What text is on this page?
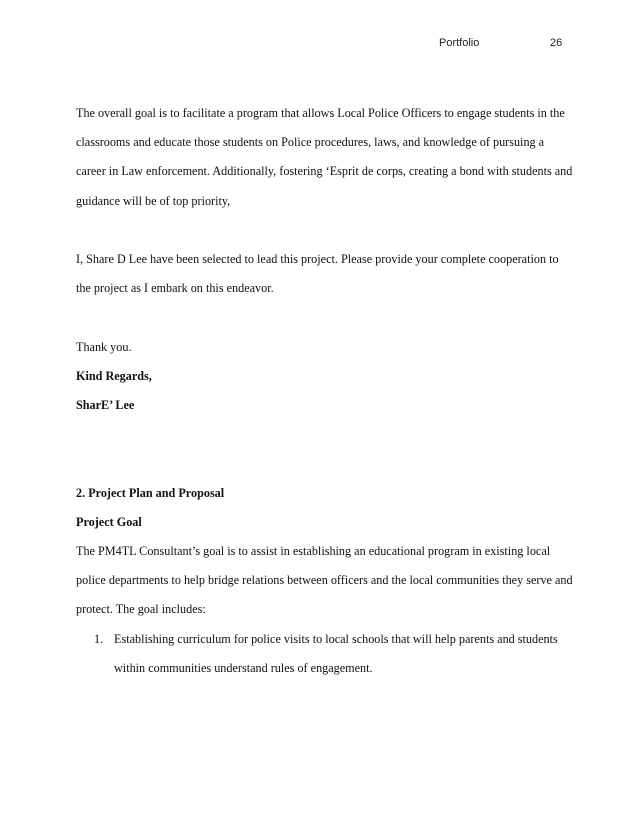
Portfolio	26

The overall goal is to facilitate a program that allows Local Police Officers to engage students in the classrooms and educate those students on Police procedures, laws, and knowledge of pursuing a career in Law enforcement. Additionally, fostering ‘Esprit de corps, creating a bond with students and guidance will be of top priority,

I, Share D Lee have been selected to lead this project. Please provide your complete cooperation to the project as I embark on this endeavor.

Thank you.

Kind Regards,

SharE’ Lee

2. Project Plan and Proposal

Project Goal

The PM4TL Consultant’s goal is to assist in establishing an educational program in existing local police departments to help bridge relations between officers and the local communities they serve and protect. The goal includes:

1. Establishing curriculum for police visits to local schools that will help parents and students within communities understand rules of engagement.
